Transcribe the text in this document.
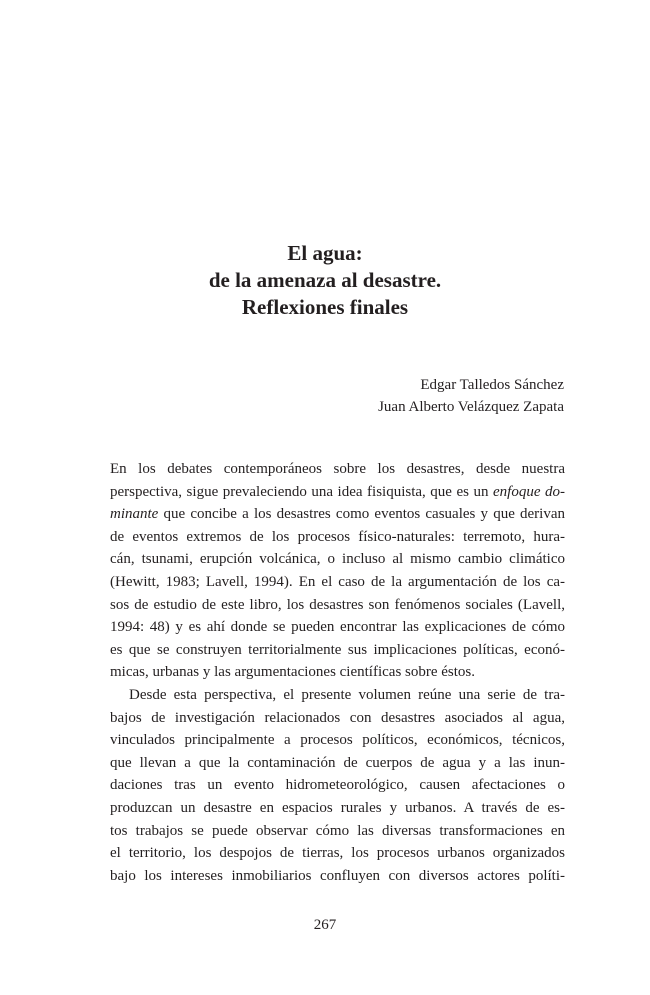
El agua:

de la amenaza al desastre.

Reflexiones finales

Edgar Talledos Sánchez
Juan Alberto Velázquez Zapata
En los debates contemporáneos sobre los desastres, desde nuestra
perspectiva, sigue prevaleciendo una idea fisiquista, que es un enfoque do-
minante que concibe a los desastres como eventos casuales y que derivan
de eventos extremos de los procesos físico-naturales: terremoto, hura-
cán, tsunami, erupción volcánica, o incluso al mismo cambio climático
(Hewitt, 1983; Lavell, 1994). En el caso de la argumentación de los ca-
sos de estudio de este libro, los desastres son fenómenos sociales (Lavell,
1994: 48) y es ahí donde se pueden encontrar las explicaciones de cómo
es que se construyen territorialmente sus implicaciones políticas, econó-
micas, urbanas y las argumentaciones científicas sobre éstos.
Desde esta perspectiva, el presente volumen reúne una serie de tra-
bajos de investigación relacionados con desastres asociados al agua,
vinculados principalmente a procesos políticos, económicos, técnicos,
que llevan a que la contaminación de cuerpos de agua y a las inun-
daciones tras un evento hidrometeorológico, causen afectaciones o
produzcan un desastre en espacios rurales y urbanos. A través de es-
tos trabajos se puede observar cómo las diversas transformaciones en
el territorio, los despojos de tierras, los procesos urbanos organizados
bajo los intereses inmobiliarios confluyen con diversos actores políti-
267
